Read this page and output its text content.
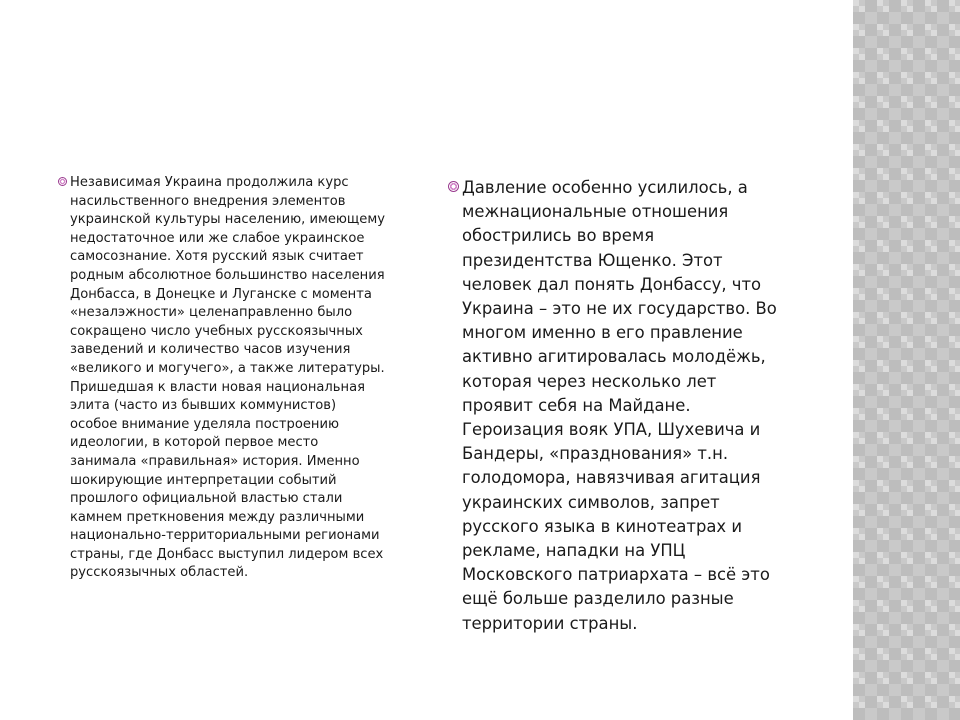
Независимая Украина продолжила курс
насильственного внедрения элементов
украинской культуры населению, имеющему
недостаточное или же слабое украинское
самосознание. Хотя русский язык считает
родным абсолютное большинство населения
Донбасса, в Донецке и Луганске с момента
«незалэжности» целенаправленно было
сокращено число учебных русскоязычных
заведений и количество часов изучения
«великого и могучего», а также литературы.
Пришедшая к власти новая национальная
элита (часто из бывших коммунистов)
особое внимание уделяла построению
идеологии, в которой первое место
занимала «правильная» история. Именно
шокирующие интерпретации событий
прошлого официальной властью стали
камнем преткновения между различными
национально-территориальными регионами
страны, где Донбасс выступил лидером всех
русскоязычных областей.
Давление особенно усилилось, а
межнациональные отношения
обострились во время
президентства Ющенко. Этот
человек дал понять Донбассу, что
Украина – это не их государство. Во
многом именно в его правление
активно агитировалась молодёжь,
которая через несколько лет
проявит себя на Майдане.
Героизация вояк УПА, Шухевича и
Бандеры, «празднования» т.н.
голодомора, навязчивая агитация
украинских символов, запрет
русского языка в кинотеатрах и
рекламе, нападки на УПЦ
Московского патриархата – всё это
ещё больше разделило разные
территории страны.
